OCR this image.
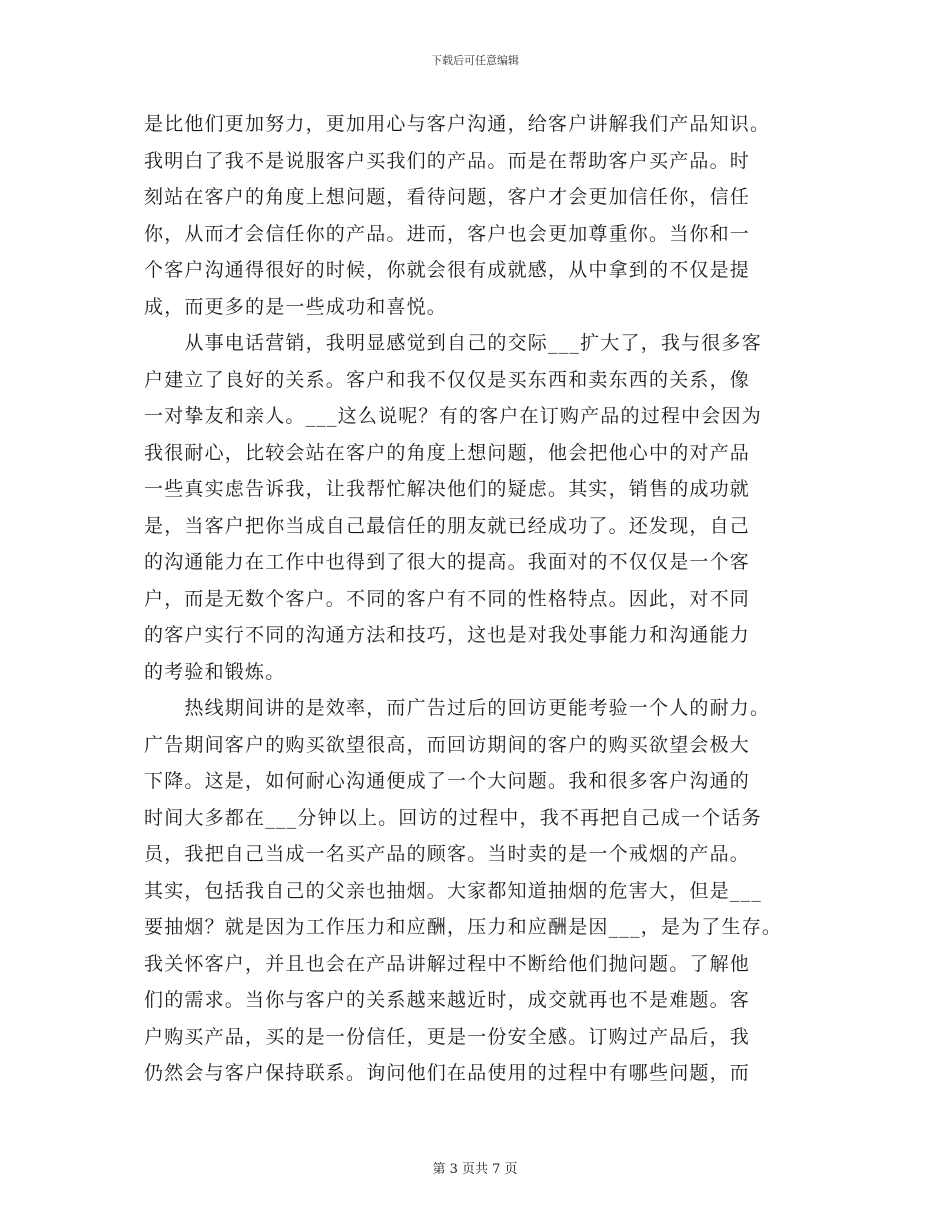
下载后可任意编辑
是比他们更加努力，更加用心与客户沟通，给客户讲解我们产品知识。
我明白了我不是说服客户买我们的产品。而是在帮助客户买产品。时
刻站在客户的角度上想问题，看待问题，客户才会更加信任你，信任
你，从而才会信任你的产品。进而，客户也会更加尊重你。当你和一
个客户沟通得很好的时候，你就会很有成就感，从中拿到的不仅是提
成，而更多的是一些成功和喜悦。
　　从事电话营销，我明显感觉到自己的交际___扩大了，我与很多客
户建立了良好的关系。客户和我不仅仅是买东西和卖东西的关系，像
一对挚友和亲人。___这么说呢？有的客户在订购产品的过程中会因为
我很耐心，比较会站在客户的角度上想问题，他会把他心中的对产品
一些真实虑告诉我，让我帮忙解决他们的疑虑。其实，销售的成功就
是，当客户把你当成自己最信任的朋友就已经成功了。还发现，自己
的沟通能力在工作中也得到了很大的提高。我面对的不仅仅是一个客
户，而是无数个客户。不同的客户有不同的性格特点。因此，对不同
的客户实行不同的沟通方法和技巧，这也是对我处事能力和沟通能力
的考验和锻炼。
　　热线期间讲的是效率，而广告过后的回访更能考验一个人的耐力。
广告期间客户的购买欲望很高，而回访期间的客户的购买欲望会极大
下降。这是，如何耐心沟通便成了一个大问题。我和很多客户沟通的
时间大多都在___分钟以上。回访的过程中，我不再把自己成一个话务
员，我把自己当成一名买产品的顾客。当时卖的是一个戒烟的产品。
其实，包括我自己的父亲也抽烟。大家都知道抽烟的危害大，但是___
要抽烟？就是因为工作压力和应酬，压力和应酬是因___，是为了生存。
我关怀客户，并且也会在产品讲解过程中不断给他们抛问题。了解他
们的需求。当你与客户的关系越来越近时，成交就再也不是难题。客
户购买产品，买的是一份信任，更是一份安全感。订购过产品后，我
仍然会与客户保持联系。询问他们在品使用的过程中有哪些问题，而
第 3 页共 7 页
